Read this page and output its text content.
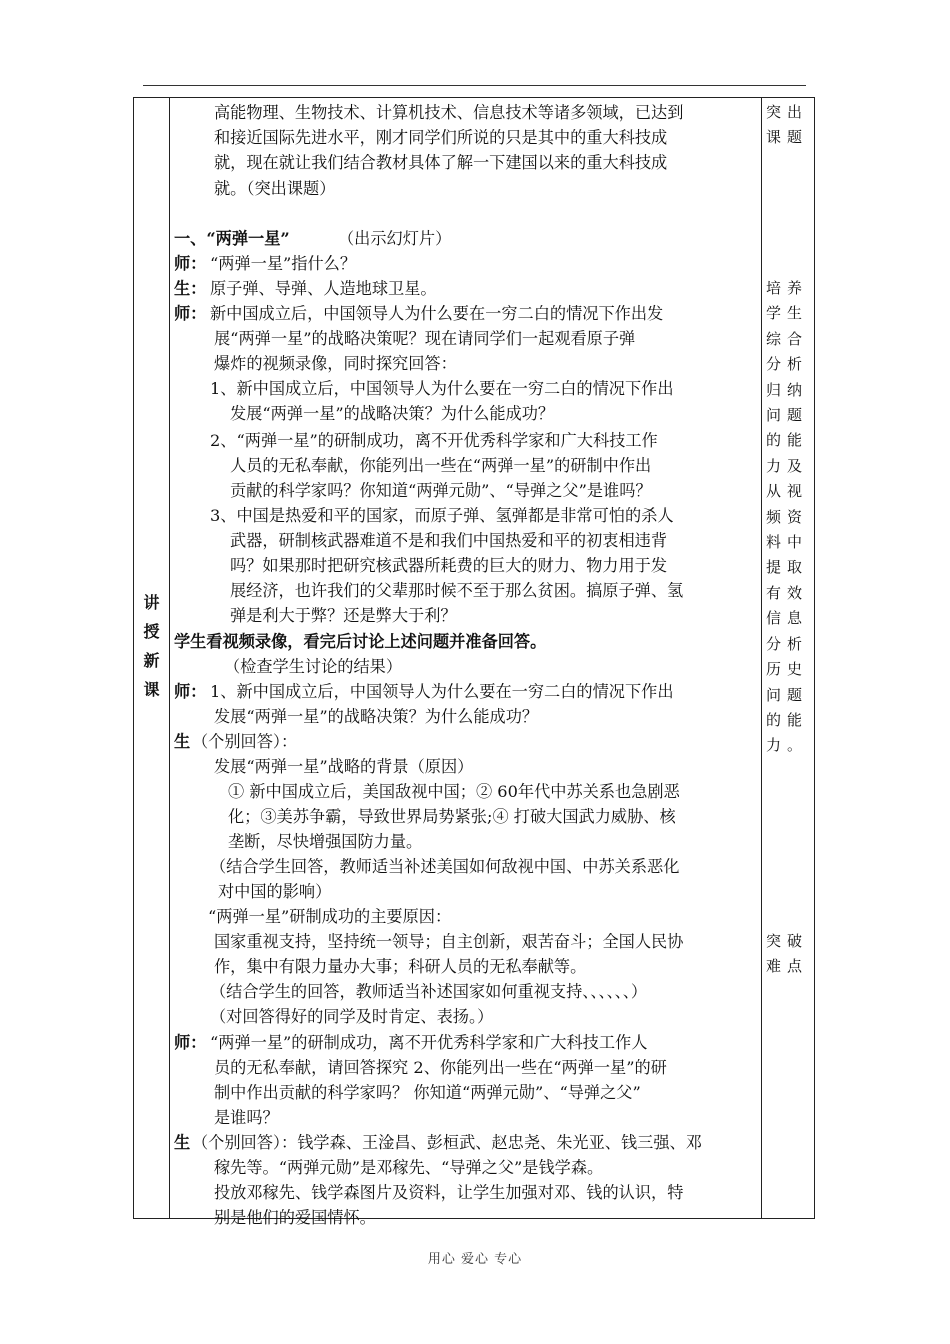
讲
授
新
课
高能物理、生物技术、计算机技术、信息技术等诸多领域，已达到
和接近国际先进水平，刚才同学们所说的只是其中的重大科技成
就，现在就让我们结合教材具体了解一下建国以来的重大科技成
就。（突出课题）
一、“两弹一星”	（出示幻灯片）
师： “两弹一星”指什么？
生： 原子弹、导弹、人造地球卫星。
师： 新中国成立后，中国领导人为什么要在一穷二白的情况下作出发
展“两弹一星”的战略决策呢？现在请同学们一起观看原子弹
爆炸的视频录像，同时探究回答：
1、新中国成立后，中国领导人为什么要在一穷二白的情况下作出
发展“两弹一星”的战略决策？为什么能成功？
2、“两弹一星”的研制成功，离不开优秀科学家和广大科技工作
人员的无私奉献，你能列出一些在“两弹一星”的研制中作出
贡献的科学家吗？你知道“两弹元勋”、“导弹之父”是谁吗？
3、中国是热爱和平的国家，而原子弹、氢弹都是非常可怕的杀人
武器，研制核武器难道不是和我们中国热爱和平的初衷相违背
吗？如果那时把研究核武器所耗费的巨大的财力、物力用于发
展经济，也许我们的父辈那时候不至于那么贫困。搞原子弹、氢
弹是利大于弊？还是弊大于利？
学生看视频录像，看完后讨论上述问题并准备回答。
（检查学生讨论的结果）
师： 1、新中国成立后，中国领导人为什么要在一穷二白的情况下作出
发展“两弹一星”的战略决策？为什么能成功？
生 （个别回答）：
发展“两弹一星”战略的背景（原因）
① 新中国成立后，美国敌视中国；② 60年代中苏关系也急剧恶
化；③美苏争霸，导致世界局势紧张;④ 打破大国武力威胁、核
垄断，尽快增强国防力量。
（结合学生回答，教师适当补述美国如何敌视中国、中苏关系恶化
对中国的影响）
“两弹一星”研制成功的主要原因：
国家重视支持，坚持统一领导；自主创新，艰苦奋斗；全国人民协
作，集中有限力量办大事；科研人员的无私奉献等。
（结合学生的回答，教师适当补述国家如何重视支持、、、、、、）
（对回答得好的同学及时肯定、表扬。）
师： “两弹一星”的研制成功，离不开优秀科学家和广大科技工作人
员的无私奉献，请回答探究 2、你能列出一些在“两弹一星”的研
制中作出贡献的科学家吗？ 你知道“两弹元勋”、“导弹之父”
是谁吗？
生 （个别回答）：钱学森、王淦昌、彭桓武、赵忠尧、朱光亚、钱三强、邓
稼先等。“两弹元勋”是邓稼先、“导弹之父”是钱学森。
投放邓稼先、钱学森图片及资料，让学生加强对邓、钱的认识，特
别是他们的爱国情怀。
突出
课题
培养
学生
综合
分析
归纳
问题
的能
力及
从视
频资
料中
提取
有效
信息
分析
历史
问题
的能
力。
突破
难点
用心 爱心 专心
